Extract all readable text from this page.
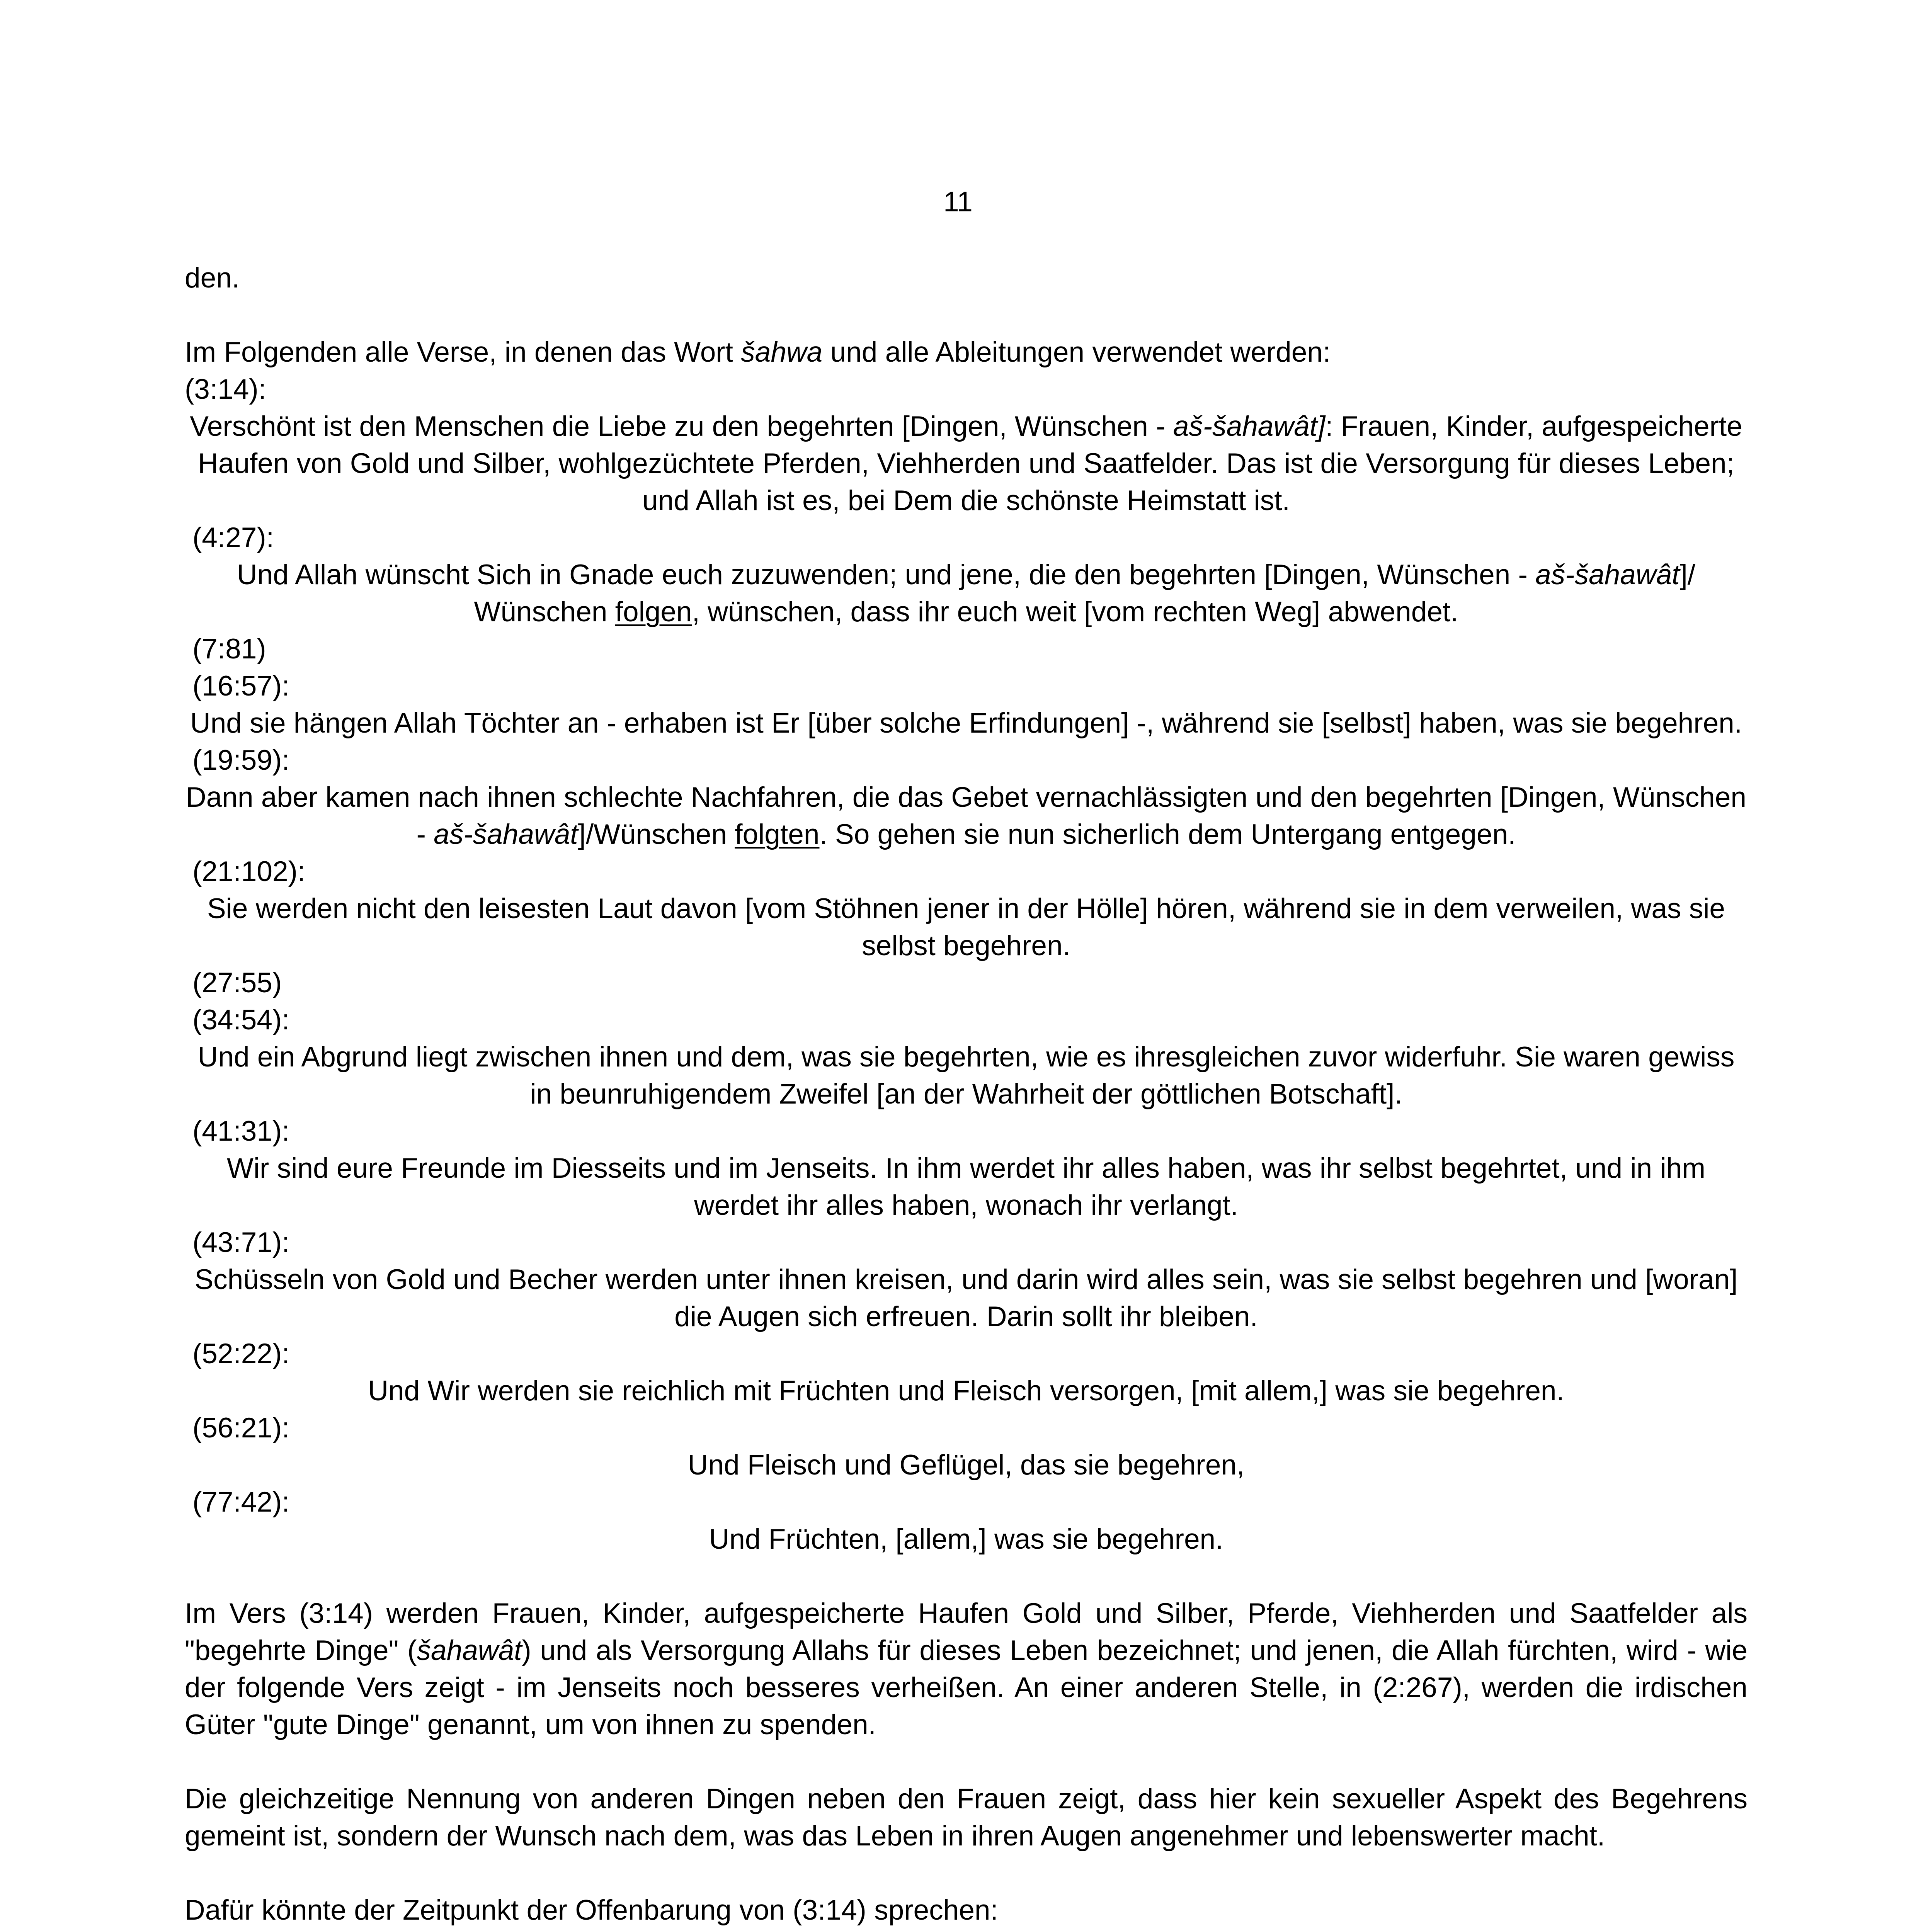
11

den.

Im Folgenden alle Verse, in denen das Wort šahwa und alle Ableitungen verwendet werden:

(3:14):

Verschönt ist den Menschen die Liebe zu den begehrten [Dingen, Wünschen - aš-šahawât]: Frauen, Kinder, aufgespeicherte Haufen von Gold und Silber, wohlgezüchtete Pferden, Viehherden und Saatfelder. Das ist die Versorgung für dieses Leben; und Allah ist es, bei Dem die schönste Heimstatt ist.

(4:27):

Und Allah wünscht Sich in Gnade euch zuzuwenden; und jene, die den begehrten [Dingen, Wünschen - aš-šahawât]/ Wünschen folgen, wünschen, dass ihr euch weit [vom rechten Weg] abwendet.

(7:81)

(16:57):

Und sie hängen Allah Töchter an - erhaben ist Er [über solche Erfindungen] -, während sie [selbst] haben, was sie begehren.

(19:59):

Dann aber kamen nach ihnen schlechte Nachfahren, die das Gebet vernachlässigten und den begehrten [Dingen, Wünschen - aš-šahawât]/Wünschen folgten. So gehen sie nun sicherlich dem Untergang entgegen.

(21:102):

Sie werden nicht den leisesten Laut davon [vom Stöhnen jener in der Hölle] hören, während sie in dem verweilen, was sie selbst begehren.

(27:55)

(34:54):

Und ein Abgrund liegt zwischen ihnen und dem, was sie begehrten, wie es ihresgleichen zuvor widerfuhr. Sie waren gewiss in beunruhigendem Zweifel [an der Wahrheit der göttlichen Botschaft].

(41:31):

Wir sind eure Freunde im Diesseits und im Jenseits. In ihm werdet ihr alles haben, was ihr selbst begehrtet, und in ihm werdet ihr alles haben, wonach ihr verlangt.

(43:71):

Schüsseln von Gold und Becher werden unter ihnen kreisen, und darin wird alles sein, was sie selbst begehren und [woran] die Augen sich erfreuen. Darin sollt ihr bleiben.

(52:22):

Und Wir werden sie reichlich mit Früchten und Fleisch versorgen, [mit allem,] was sie begehren.

(56:21):

Und Fleisch und Geflügel, das sie begehren,

(77:42):

Und Früchten, [allem,] was sie begehren.

Im Vers (3:14) werden Frauen, Kinder, aufgespeicherte Haufen Gold und Silber, Pferde, Viehherden und Saatfelder als "begehrte Dinge" (šahawât) und als Versorgung Allahs für dieses Leben bezeichnet; und jenen, die Allah fürchten, wird - wie der folgende Vers zeigt - im Jenseits noch besseres verheißen. An einer anderen Stelle, in (2:267), werden die irdischen Güter "gute Dinge" genannt, um von ihnen zu spenden.

Die gleichzeitige Nennung von anderen Dingen neben den Frauen zeigt, dass hier kein sexueller Aspekt des Begehrens gemeint ist, sondern der Wunsch nach dem, was das Leben in ihren Augen angenehmer und lebenswerter macht.

Dafür könnte der Zeitpunkt der Offenbarung von (3:14) sprechen:
